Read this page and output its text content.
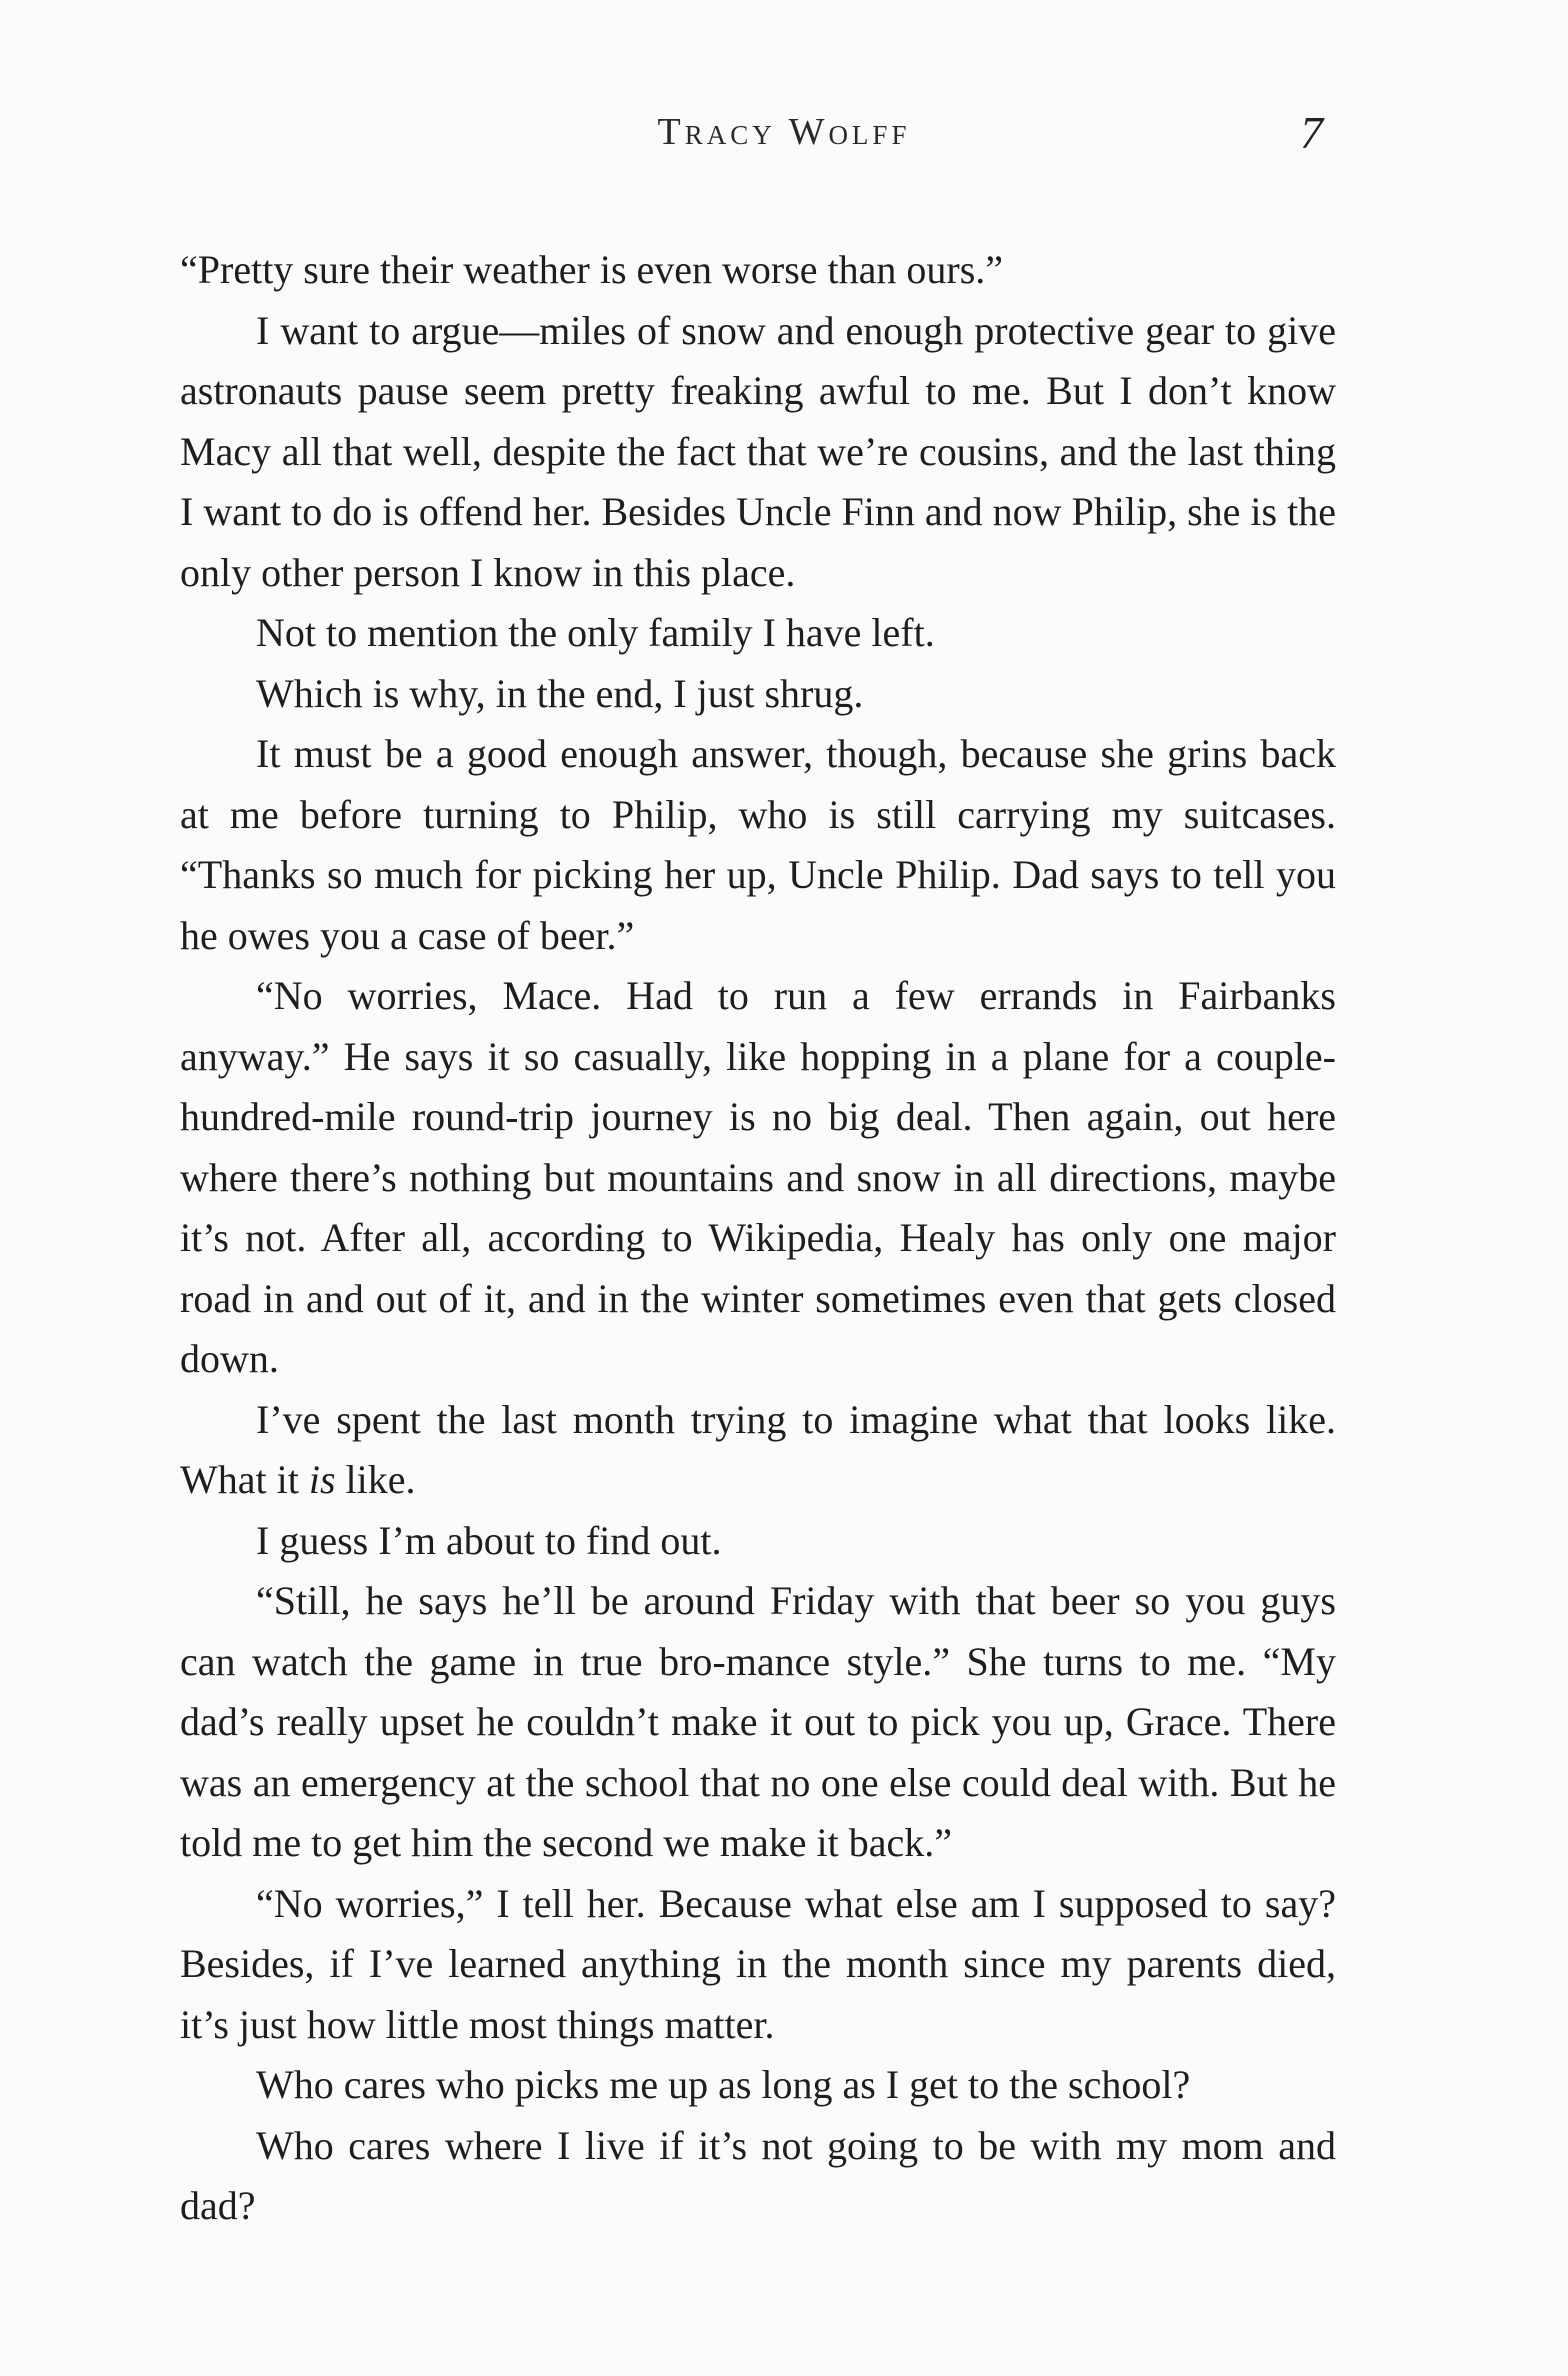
Tracy Wolff	7

“Pretty sure their weather is even worse than ours.”

I want to argue—miles of snow and enough protective gear to give astronauts pause seem pretty freaking awful to me. But I don’t know Macy all that well, despite the fact that we’re cousins, and the last thing I want to do is offend her. Besides Uncle Finn and now Philip, she is the only other person I know in this place.

Not to mention the only family I have left.

Which is why, in the end, I just shrug.

It must be a good enough answer, though, because she grins back at me before turning to Philip, who is still carrying my suitcases. “Thanks so much for picking her up, Uncle Philip. Dad says to tell you he owes you a case of beer.”

“No worries, Mace. Had to run a few errands in Fairbanks anyway.” He says it so casually, like hopping in a plane for a couple-hundred-mile round-trip journey is no big deal. Then again, out here where there’s nothing but mountains and snow in all directions, maybe it’s not. After all, according to Wikipedia, Healy has only one major road in and out of it, and in the winter sometimes even that gets closed down.

I’ve spent the last month trying to imagine what that looks like. What it is like.

I guess I’m about to find out.

“Still, he says he’ll be around Friday with that beer so you guys can watch the game in true bro-mance style.” She turns to me. “My dad’s really upset he couldn’t make it out to pick you up, Grace. There was an emergency at the school that no one else could deal with. But he told me to get him the second we make it back.”

“No worries,” I tell her. Because what else am I supposed to say? Besides, if I’ve learned anything in the month since my parents died, it’s just how little most things matter.

Who cares who picks me up as long as I get to the school?

Who cares where I live if it’s not going to be with my mom and dad?
